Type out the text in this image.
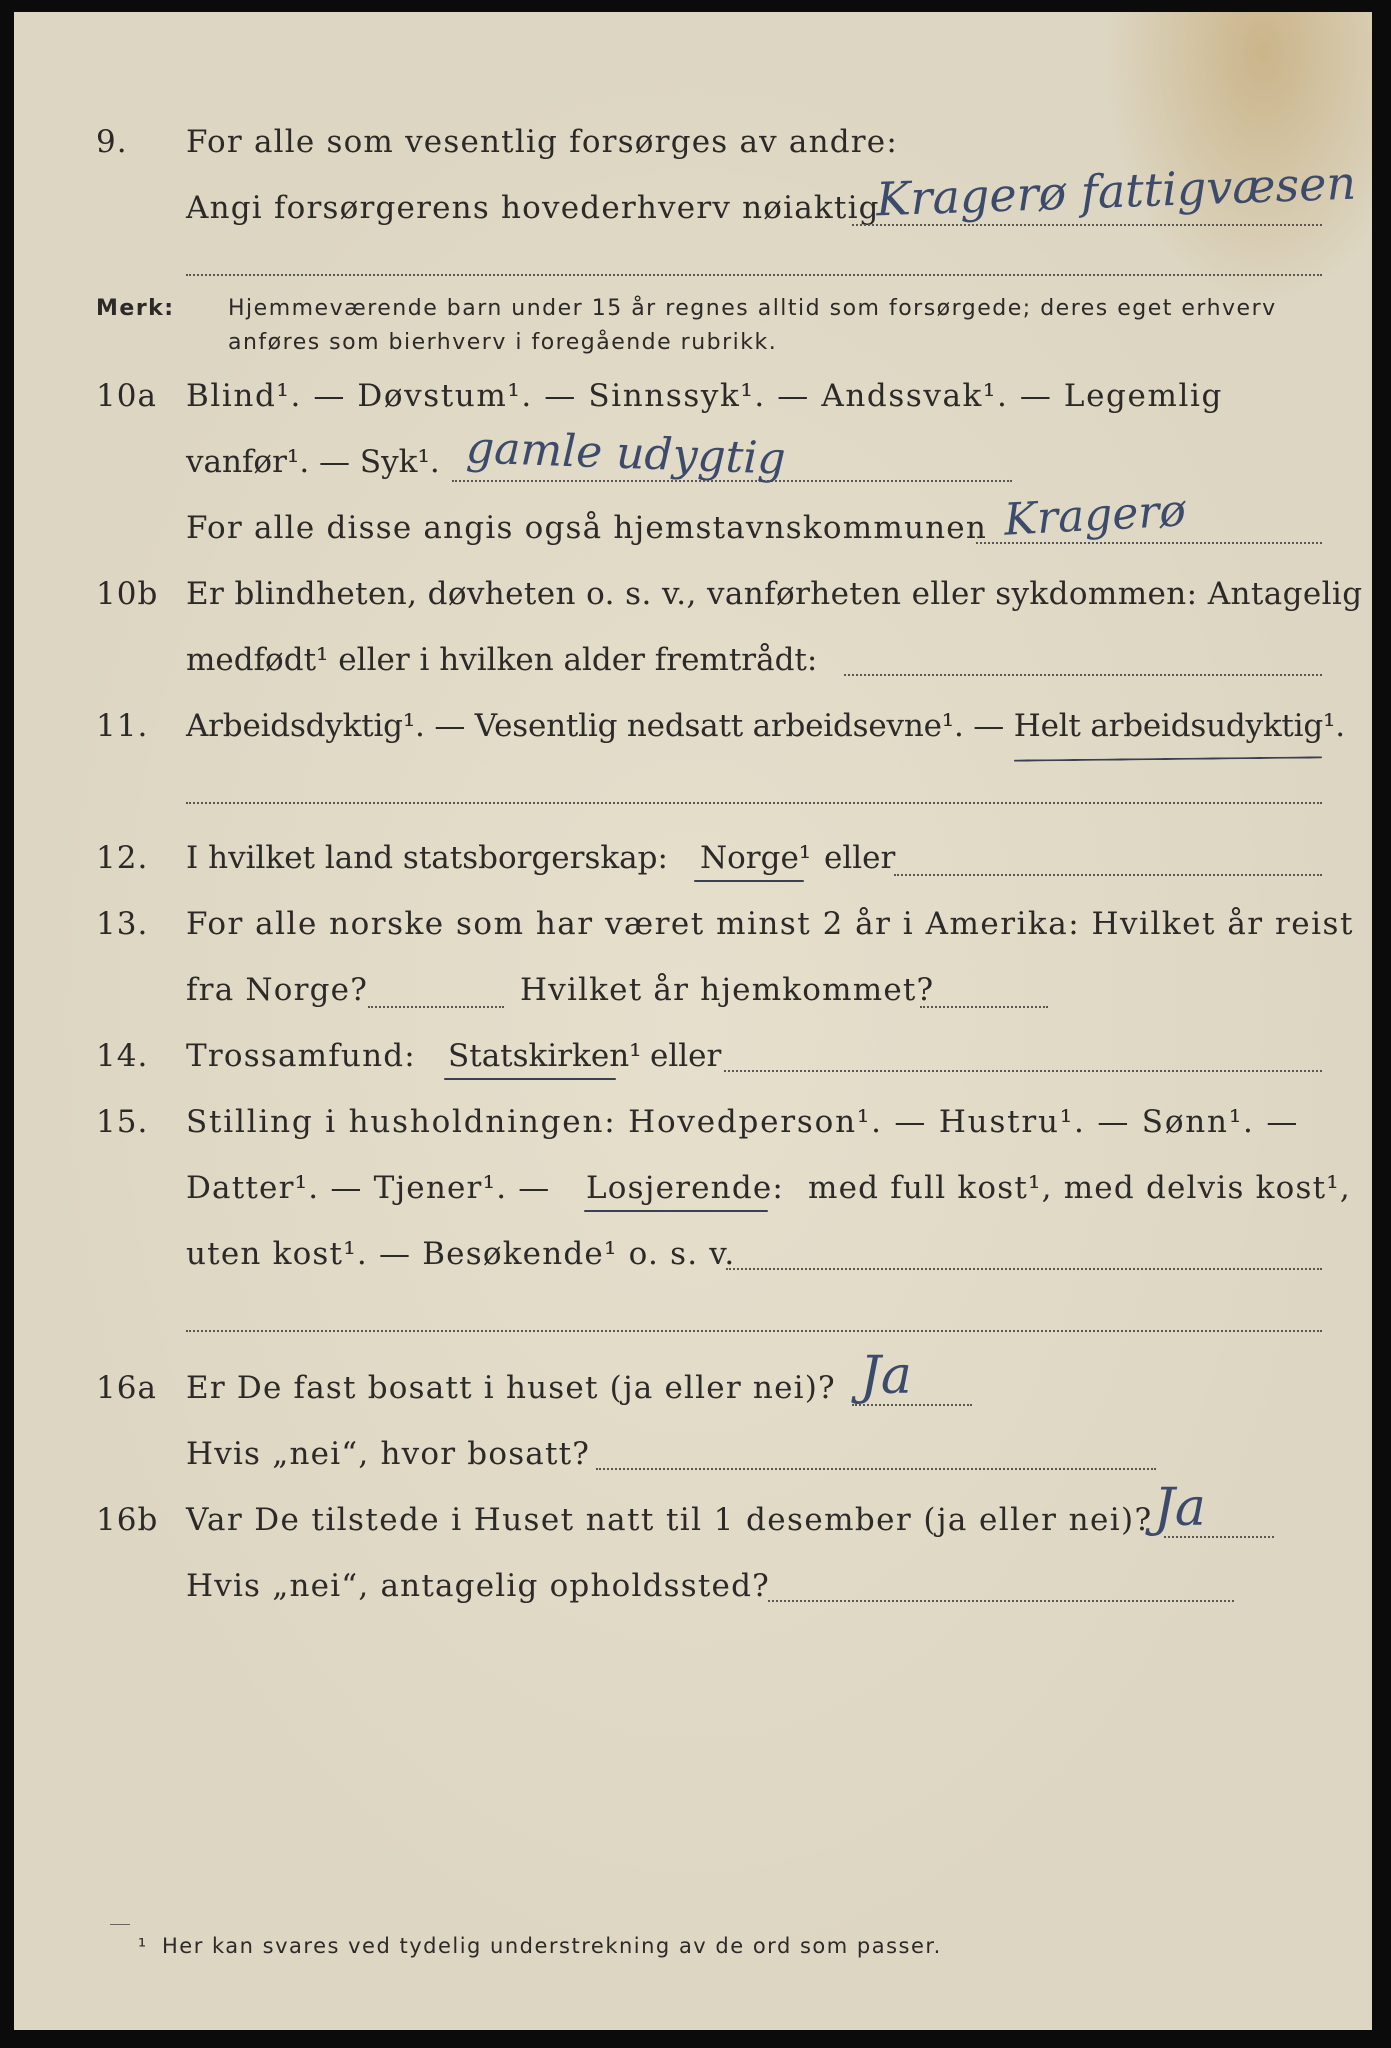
9. For alle som vesentlig forsørges av andre:
Angi forsørgerens hovederhverv nøiaktig
Kragerø fattigvæsen
Merk: Hjemmeværende barn under 15 år regnes alltid som forsørgede; deres eget erhverv
anføres som bierhverv i foregående rubrikk.
10a Blind¹. — Døvstum¹. — Sinnssyk¹. — Andssvak¹. — Legemlig
vanfør¹. — Syk¹. gamle udygtig
For alle disse angis også hjemstavnskommunen Kragerø
10b Er blindheten, døvheten o. s. v., vanførheten eller sykdommen: Antagelig
medfødt¹ eller i hvilken alder fremtrådt:
11. Arbeidsdyktig¹. — Vesentlig nedsatt arbeidsevne¹. — Helt arbeidsudyktig¹.
12. I hvilket land statsborgerskap: Norge¹ eller
13. For alle norske som har været minst 2 år i Amerika: Hvilket år reist
fra Norge?	Hvilket år hjemkommet?
14. Trossamfund: Statskirken¹ eller
15. Stilling i husholdningen: Hovedperson¹. — Hustru¹. — Sønn¹. —
Datter¹. — Tjener¹. — Losjerende: med full kost¹, med delvis kost¹,
uten kost¹. — Besøkende¹ o. s. v.
16a Er De fast bosatt i huset (ja eller nei)? Ja
Hvis „nei“, hvor bosatt?
16b Var De tilstede i Huset natt til 1 desember (ja eller nei)? Ja
Hvis „nei“, antagelig opholdssted?
¹ Her kan svares ved tydelig understrekning av de ord som passer.
